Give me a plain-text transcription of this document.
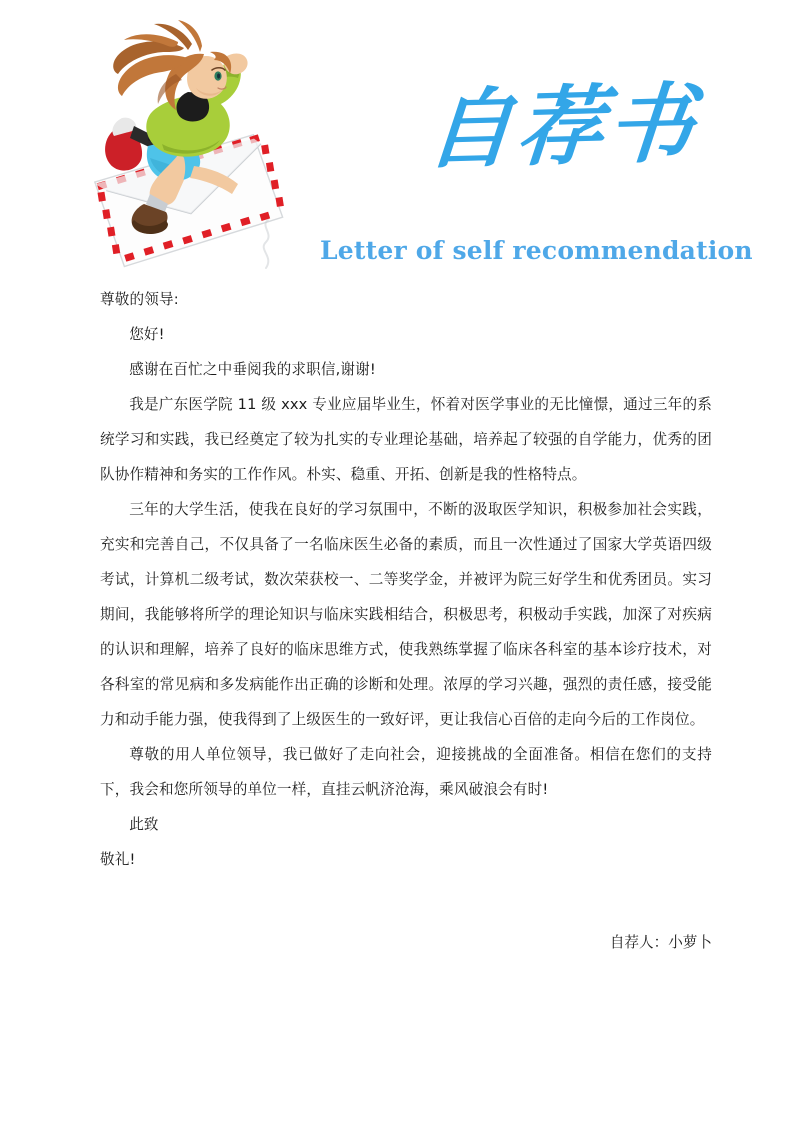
自荐书
Letter of self recommendation

尊敬的领导:

您好!

感谢在百忙之中垂阅我的求职信,谢谢!

我是广东医学院 11 级 xxx 专业应届毕业生，怀着对医学事业的无比憧憬，通过三年的系统学习和实践，我已经奠定了较为扎实的专业理论基础，培养起了较强的自学能力，优秀的团队协作精神和务实的工作作风。朴实、稳重、开拓、创新是我的性格特点。

三年的大学生活，使我在良好的学习氛围中，不断的汲取医学知识，积极参加社会实践，充实和完善自己，不仅具备了一名临床医生必备的素质，而且一次性通过了国家大学英语四级考试，计算机二级考试，数次荣获校一、二等奖学金，并被评为院三好学生和优秀团员。实习期间，我能够将所学的理论知识与临床实践相结合，积极思考，积极动手实践，加深了对疾病的认识和理解，培养了良好的临床思维方式，使我熟练掌握了临床各科室的基本诊疗技术，对各科室的常见病和多发病能作出正确的诊断和处理。浓厚的学习兴趣，强烈的责任感，接受能力和动手能力强，使我得到了上级医生的一致好评，更让我信心百倍的走向今后的工作岗位。

尊敬的用人单位领导，我已做好了走向社会，迎接挑战的全面准备。相信在您们的支持下，我会和您所领导的单位一样，直挂云帆济沧海，乘风破浪会有时!

此致

敬礼!

自荐人：小萝卜
